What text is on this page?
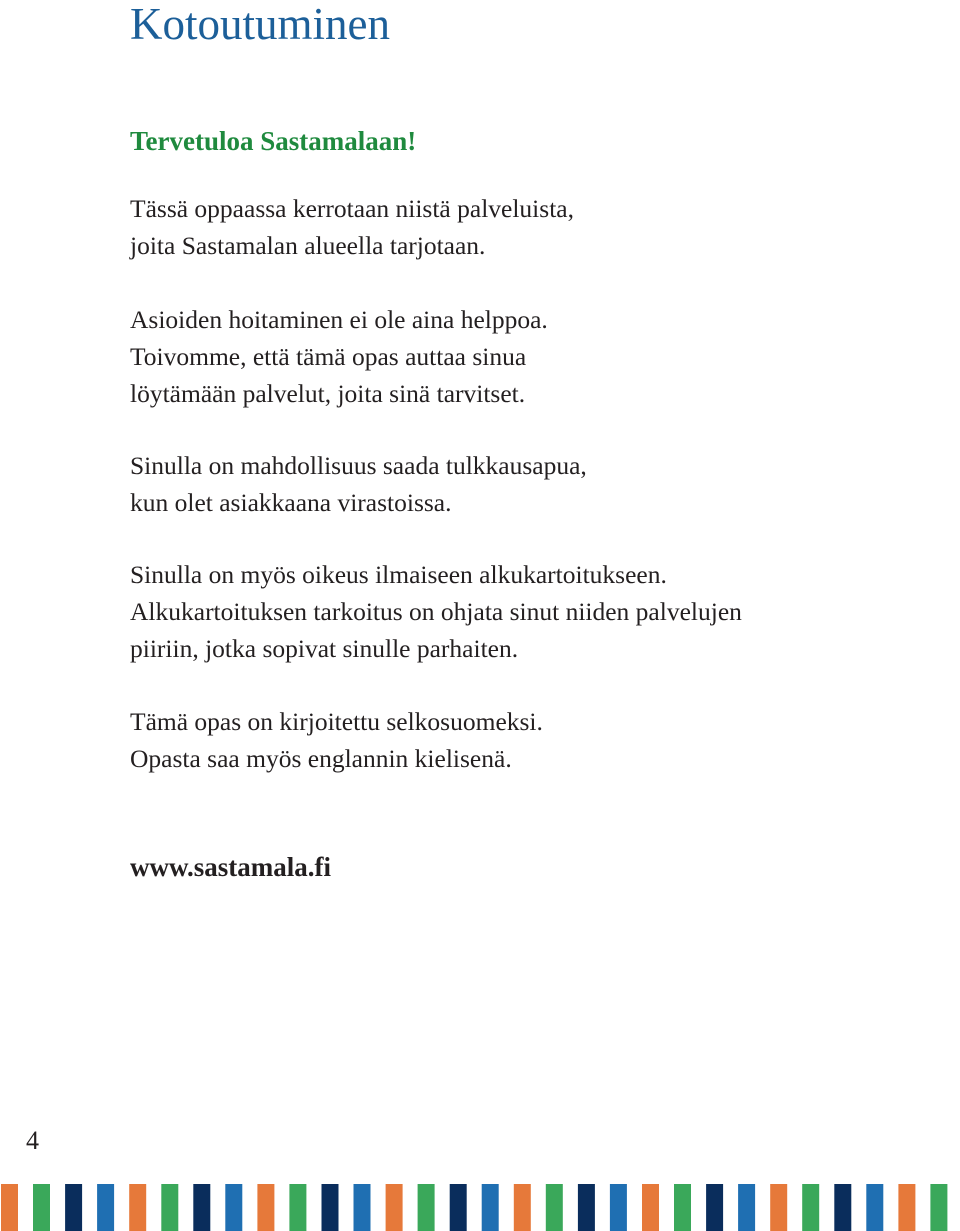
Kotoutuminen
Tervetuloa Sastamalaan!
Tässä oppaassa kerrotaan niistä palveluista,
joita Sastamalan alueella tarjotaan.
Asioiden hoitaminen ei ole aina helppoa.
Toivomme, että tämä opas auttaa sinua
löytämään palvelut, joita sinä tarvitset.
Sinulla on mahdollisuus saada tulkkausapua,
kun olet asiakkaana virastoissa.
Sinulla on myös oikeus ilmaiseen alkukartoitukseen.
Alkukartoituksen tarkoitus on ohjata sinut niiden palvelujen
piiriin, jotka sopivat sinulle parhaiten.
Tämä opas on kirjoitettu selkosuomeksi.
Opasta saa myös englannin kielisenä.

www.sastamala.fi

4
